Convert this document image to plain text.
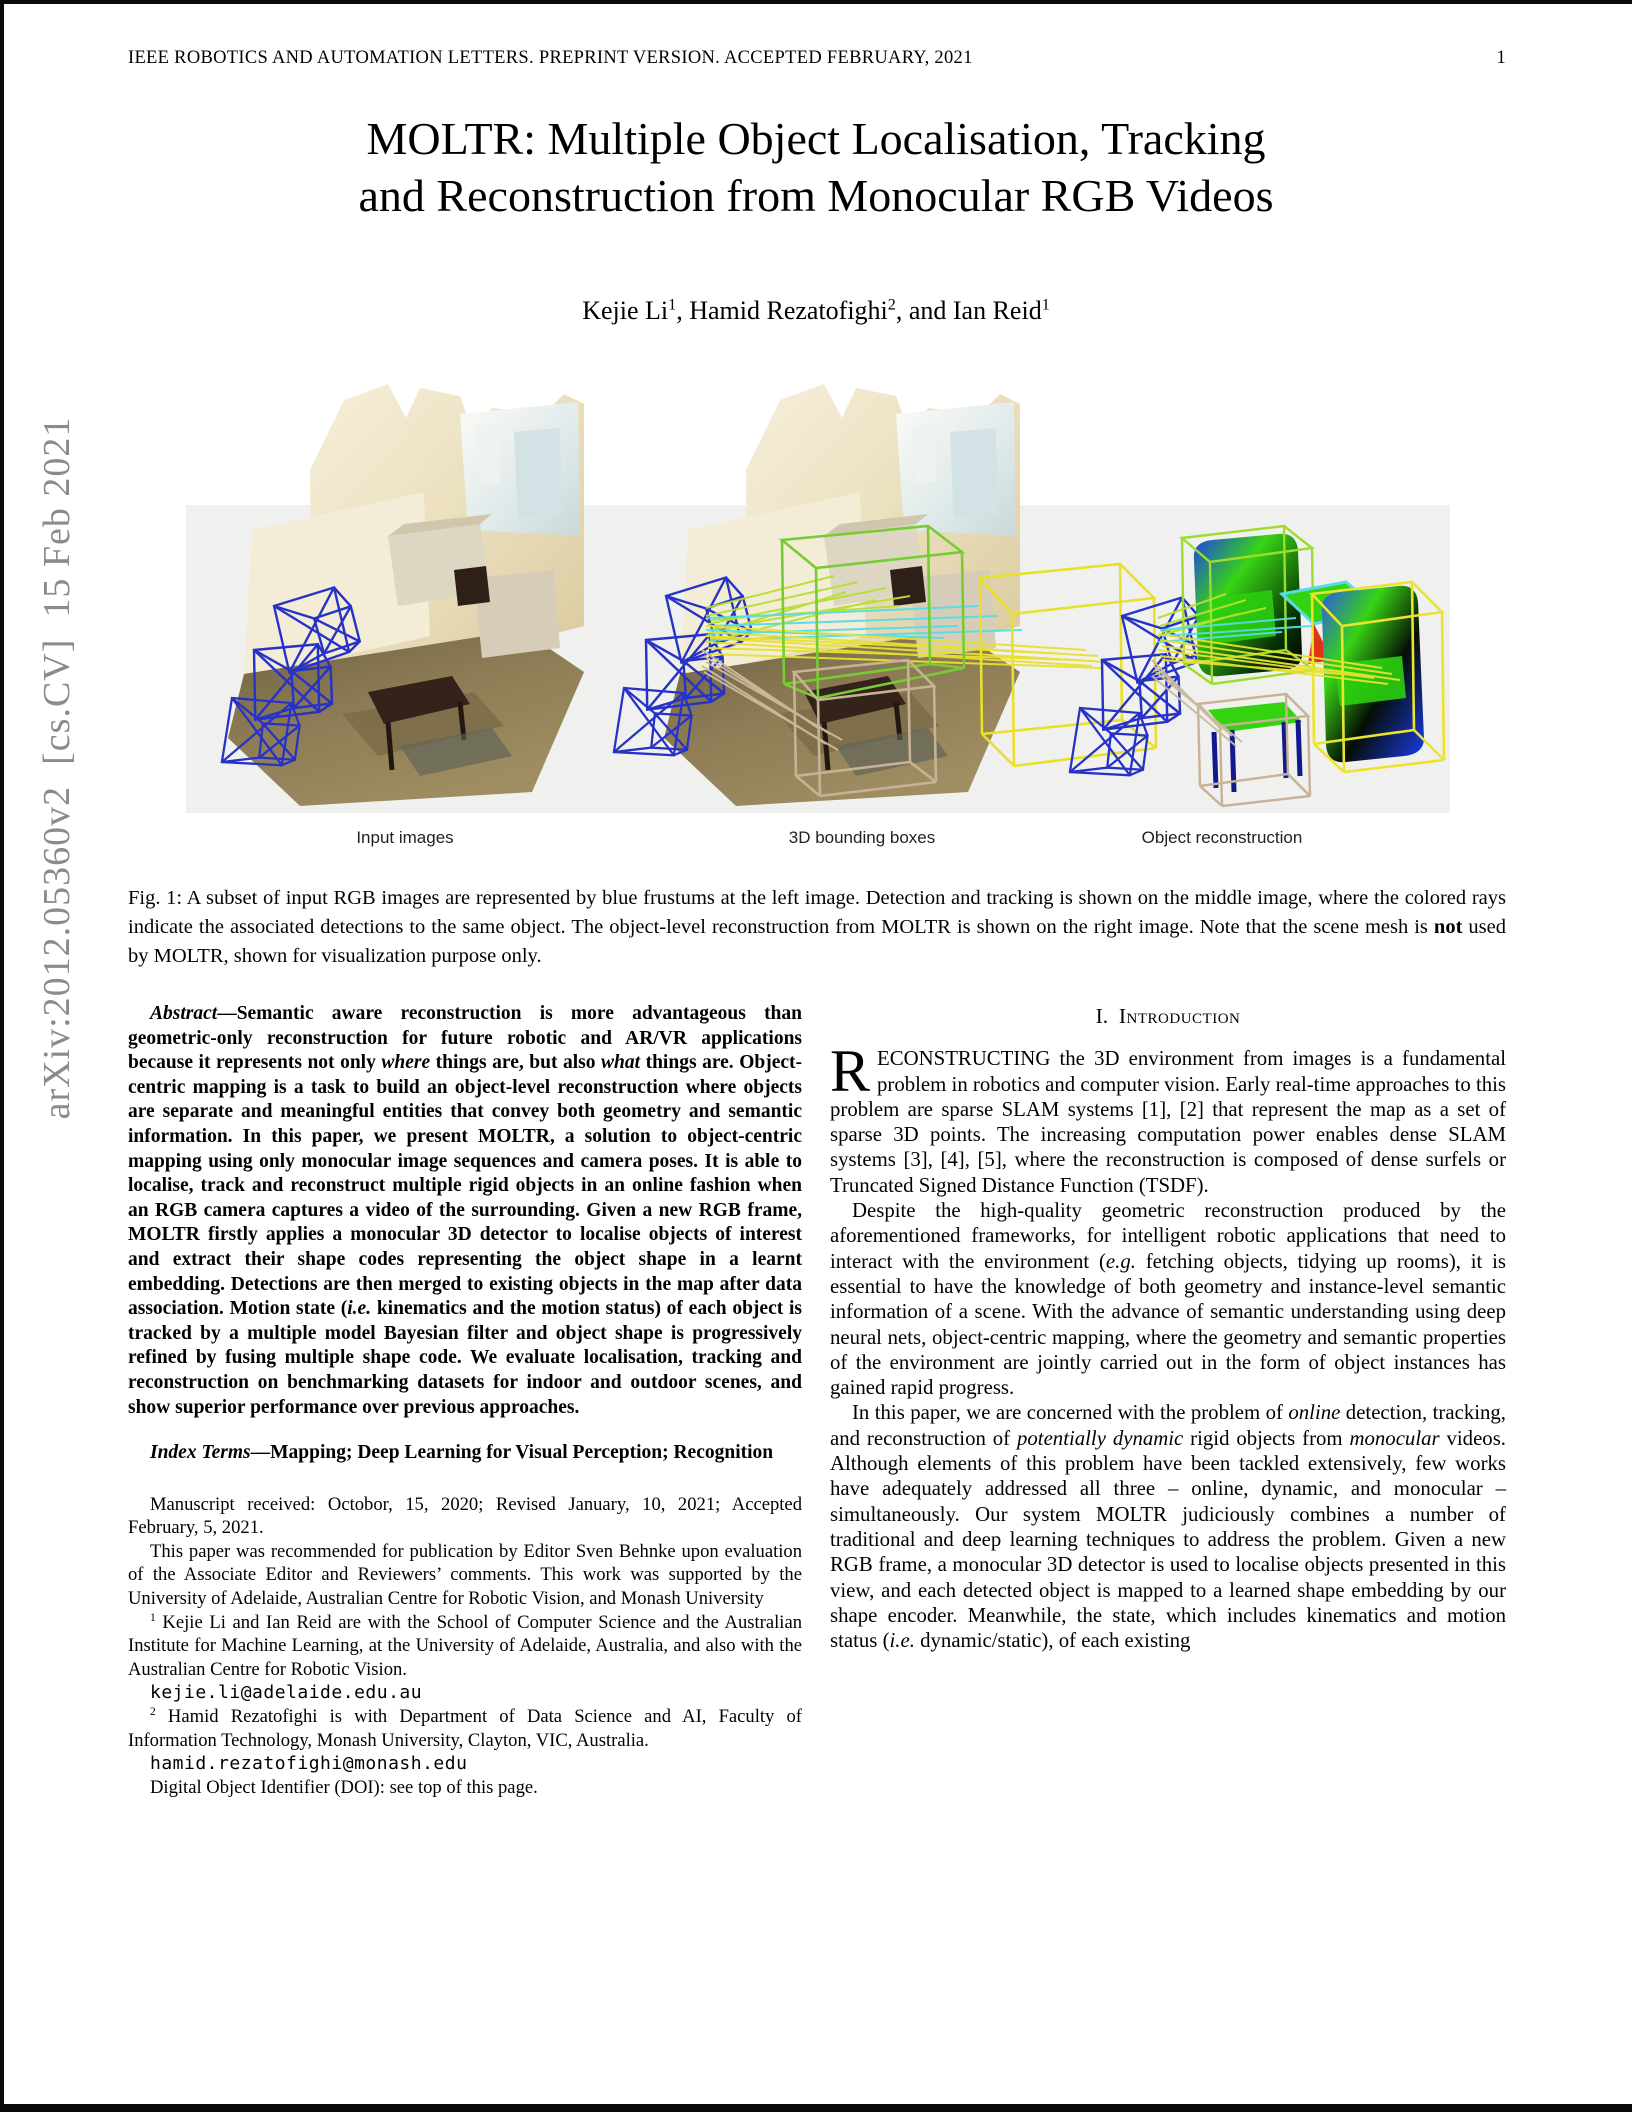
IEEE ROBOTICS AND AUTOMATION LETTERS. PREPRINT VERSION. ACCEPTED FEBRUARY, 2021	1
MOLTR: Multiple Object Localisation, Tracking
and Reconstruction from Monocular RGB Videos
Kejie Li$^1$, Hamid Rezatofighi$^2$, and Ian Reid$^1$
arXiv:2012.05360v2  [cs.CV]  15 Feb 2021	Input images	3D bounding boxes	Object reconstruction
Fig. 1: A subset of input RGB images are represented by blue frustums at the left image. Detection and tracking is shown on the middle image, where the colored rays indicate the associated detections to the same object. The object-level reconstruction from MOLTR is shown on the right image. Note that the scene mesh is not used by MOLTR, shown for visualization purpose only.

Abstract—Semantic aware reconstruction is more advantageous than geometric-only reconstruction for future robotic and AR/VR applications because it represents not only where things are, but also what things are. Object-centric mapping is a task to build an object-level reconstruction where objects are separate and meaningful entities that convey both geometry and semantic information. In this paper, we present MOLTR, a solution to object-centric mapping using only monocular image sequences and camera poses. It is able to localise, track and reconstruct multiple rigid objects in an online fashion when an RGB camera captures a video of the surrounding. Given a new RGB frame, MOLTR firstly applies a monocular 3D detector to localise objects of interest and extract their shape codes representing the object shape in a learnt embedding. Detections are then merged to existing objects in the map after data association. Motion state (i.e. kinematics and the motion status) of each object is tracked by a multiple model Bayesian filter and object shape is progressively refined by fusing multiple shape code. We evaluate localisation, tracking and reconstruction on benchmarking datasets for indoor and outdoor scenes, and show superior performance over previous approaches.

Index Terms—Mapping; Deep Learning for Visual Perception; Recognition

Manuscript received: Octobor, 15, 2020; Revised January, 10, 2021; Accepted February, 5, 2021.

This paper was recommended for publication by Editor Sven Behnke upon evaluation of the Associate Editor and Reviewers’ comments. This work was supported by the University of Adelaide, Australian Centre for Robotic Vision, and Monash University

$^1$ Kejie Li and Ian Reid are with the School of Computer Science and the Australian Institute for Machine Learning, at the University of Adelaide, Australia, and also with the Australian Centre for Robotic Vision.

kejie.li@adelaide.edu.au

$^2$ Hamid Rezatofighi is with Department of Data Science and AI, Faculty of Information Technology, Monash University, Clayton, VIC, Australia.

hamid.rezatofighi@monash.edu

Digital Object Identifier (DOI): see top of this page.

I. Introduction

RECONSTRUCTING the 3D environment from images is a fundamental problem in robotics and computer vision. Early real-time approaches to this problem are sparse SLAM systems [1], [2] that represent the map as a set of sparse 3D points. The increasing computation power enables dense SLAM systems [3], [4], [5], where the reconstruction is composed of dense surfels or Truncated Signed Distance Function (TSDF).

Despite the high-quality geometric reconstruction produced by the aforementioned frameworks, for intelligent robotic applications that need to interact with the environment (e.g. fetching objects, tidying up rooms), it is essential to have the knowledge of both geometry and instance-level semantic information of a scene. With the advance of semantic understanding using deep neural nets, object-centric mapping, where the geometry and semantic properties of the environment are jointly carried out in the form of object instances has gained rapid progress.

In this paper, we are concerned with the problem of online detection, tracking, and reconstruction of potentially dynamic rigid objects from monocular videos. Although elements of this problem have been tackled extensively, few works have adequately addressed all three – online, dynamic, and monocular – simultaneously. Our system MOLTR judiciously combines a number of traditional and deep learning techniques to address the problem. Given a new RGB frame, a monocular 3D detector is used to localise objects presented in this view, and each detected object is mapped to a learned shape embedding by our shape encoder. Meanwhile, the state, which includes kinematics and motion status (i.e. dynamic/static), of each existing
